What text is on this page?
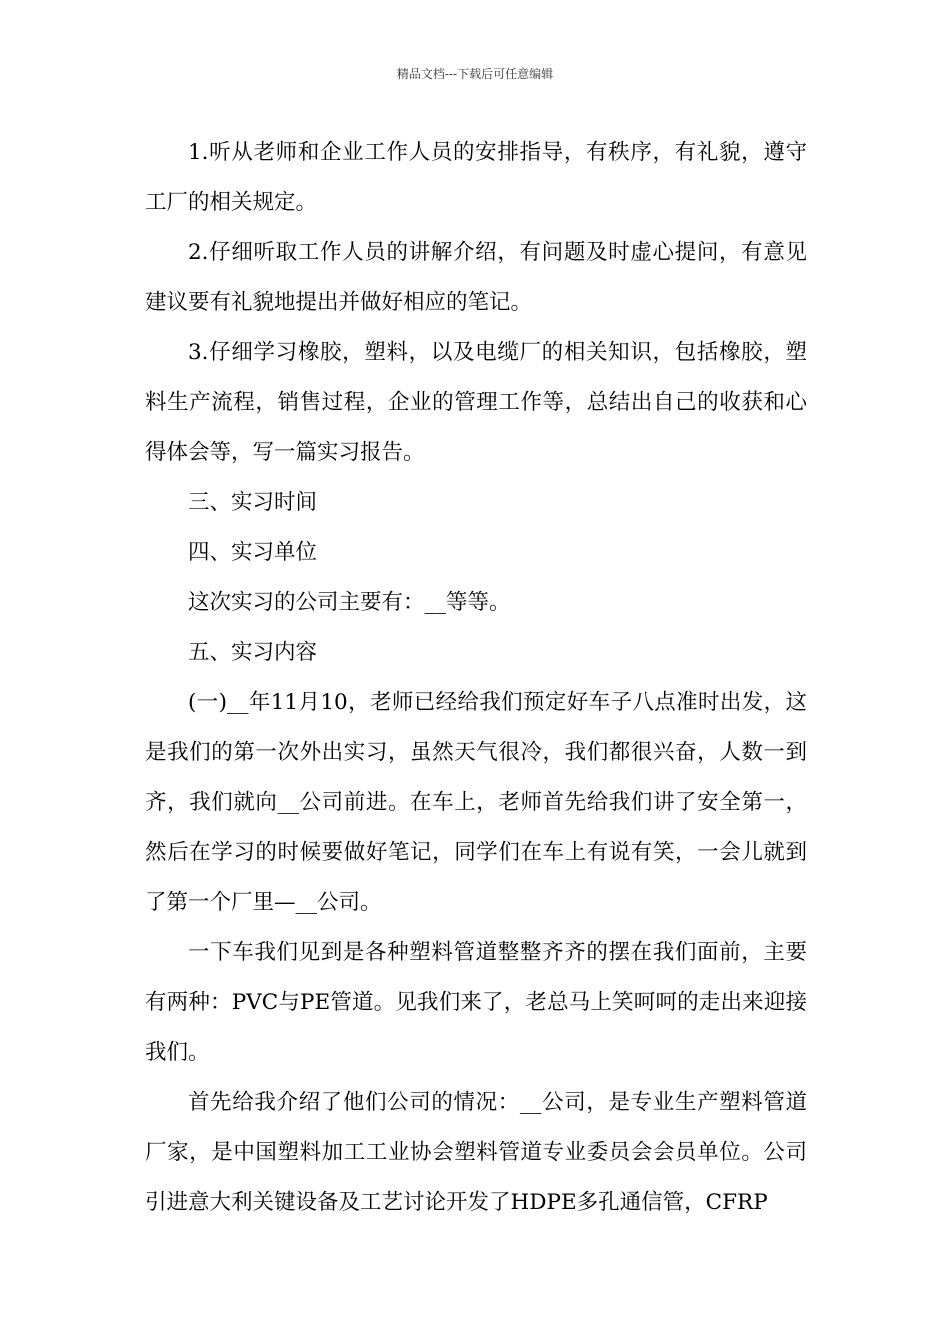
精品文档---下载后可任意编辑

1.听从老师和企业工作人员的安排指导，有秩序，有礼貌，遵守工厂的相关规定。

2.仔细听取工作人员的讲解介绍，有问题及时虚心提问，有意见建议要有礼貌地提出并做好相应的笔记。

3.仔细学习橡胶，塑料，以及电缆厂的相关知识，包括橡胶，塑料生产流程，销售过程，企业的管理工作等，总结出自己的收获和心得体会等，写一篇实习报告。

三、实习时间

四、实习单位

这次实习的公司主要有：__等等。

五、实习内容

(一)__年11月10，老师已经给我们预定好车子八点准时出发，这是我们的第一次外出实习，虽然天气很冷，我们都很兴奋，人数一到齐，我们就向__公司前进。在车上，老师首先给我们讲了安全第一，然后在学习的时候要做好笔记，同学们在车上有说有笑，一会儿就到了第一个厂里—__公司。

一下车我们见到是各种塑料管道整整齐齐的摆在我们面前，主要有两种：PVC与PE管道。见我们来了，老总马上笑呵呵的走出来迎接我们。

首先给我介绍了他们公司的情况：__公司，是专业生产塑料管道厂家，是中国塑料加工工业协会塑料管道专业委员会会员单位。公司引进意大利关键设备及工艺讨论开发了HDPE多孔通信管，CFRP
